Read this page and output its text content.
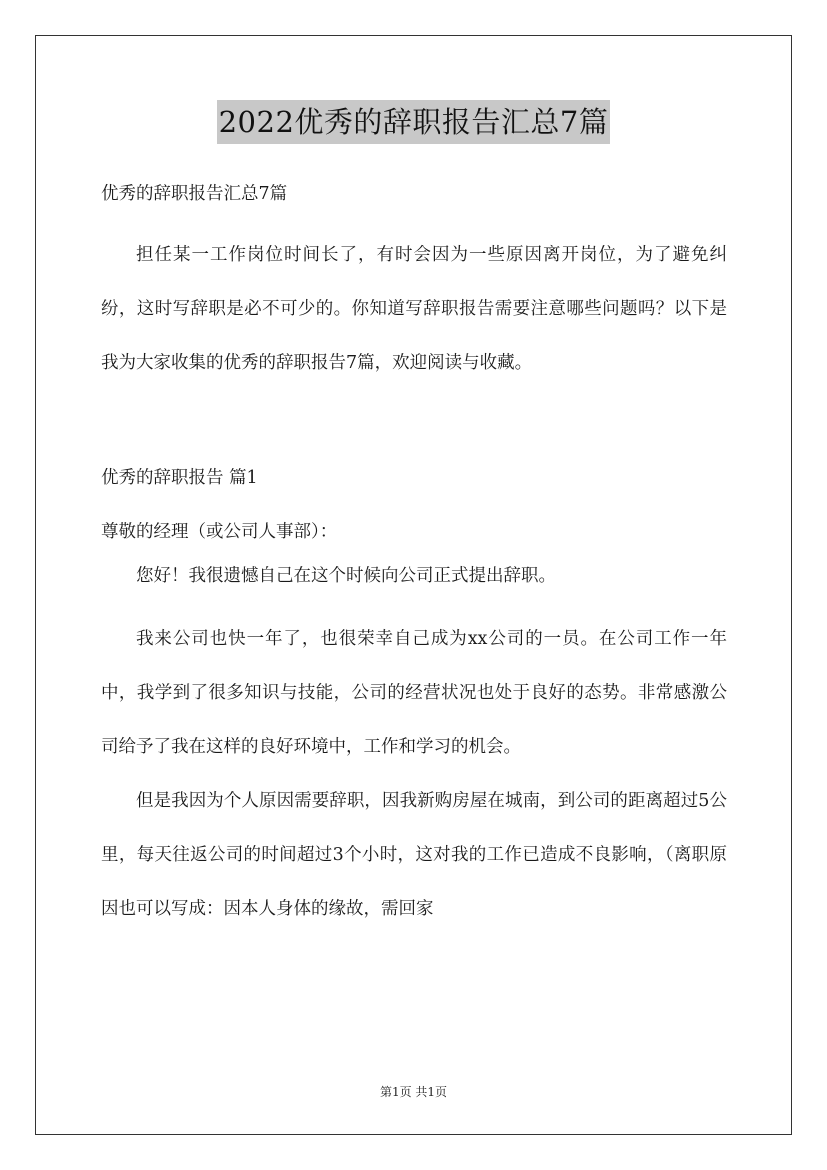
2022优秀的辞职报告汇总7篇

优秀的辞职报告汇总7篇

担任某一工作岗位时间长了，有时会因为一些原因离开岗位，为了避免纠纷，这时写辞职是必不可少的。你知道写辞职报告需要注意哪些问题吗？以下是我为大家收集的优秀的辞职报告7篇，欢迎阅读与收藏。

优秀的辞职报告 篇1

尊敬的经理（或公司人事部）：

您好！我很遗憾自己在这个时候向公司正式提出辞职。

我来公司也快一年了，也很荣幸自己成为xx公司的一员。在公司工作一年中，我学到了很多知识与技能，公司的经营状况也处于良好的态势。非常感激公司给予了我在这样的良好环境中，工作和学习的机会。

但是我因为个人原因需要辞职，因我新购房屋在城南，到公司的距离超过5公里，每天往返公司的时间超过3个小时，这对我的工作已造成不良影响，（离职原因也可以写成：因本人身体的缘故，需回家

第1页 共1页
